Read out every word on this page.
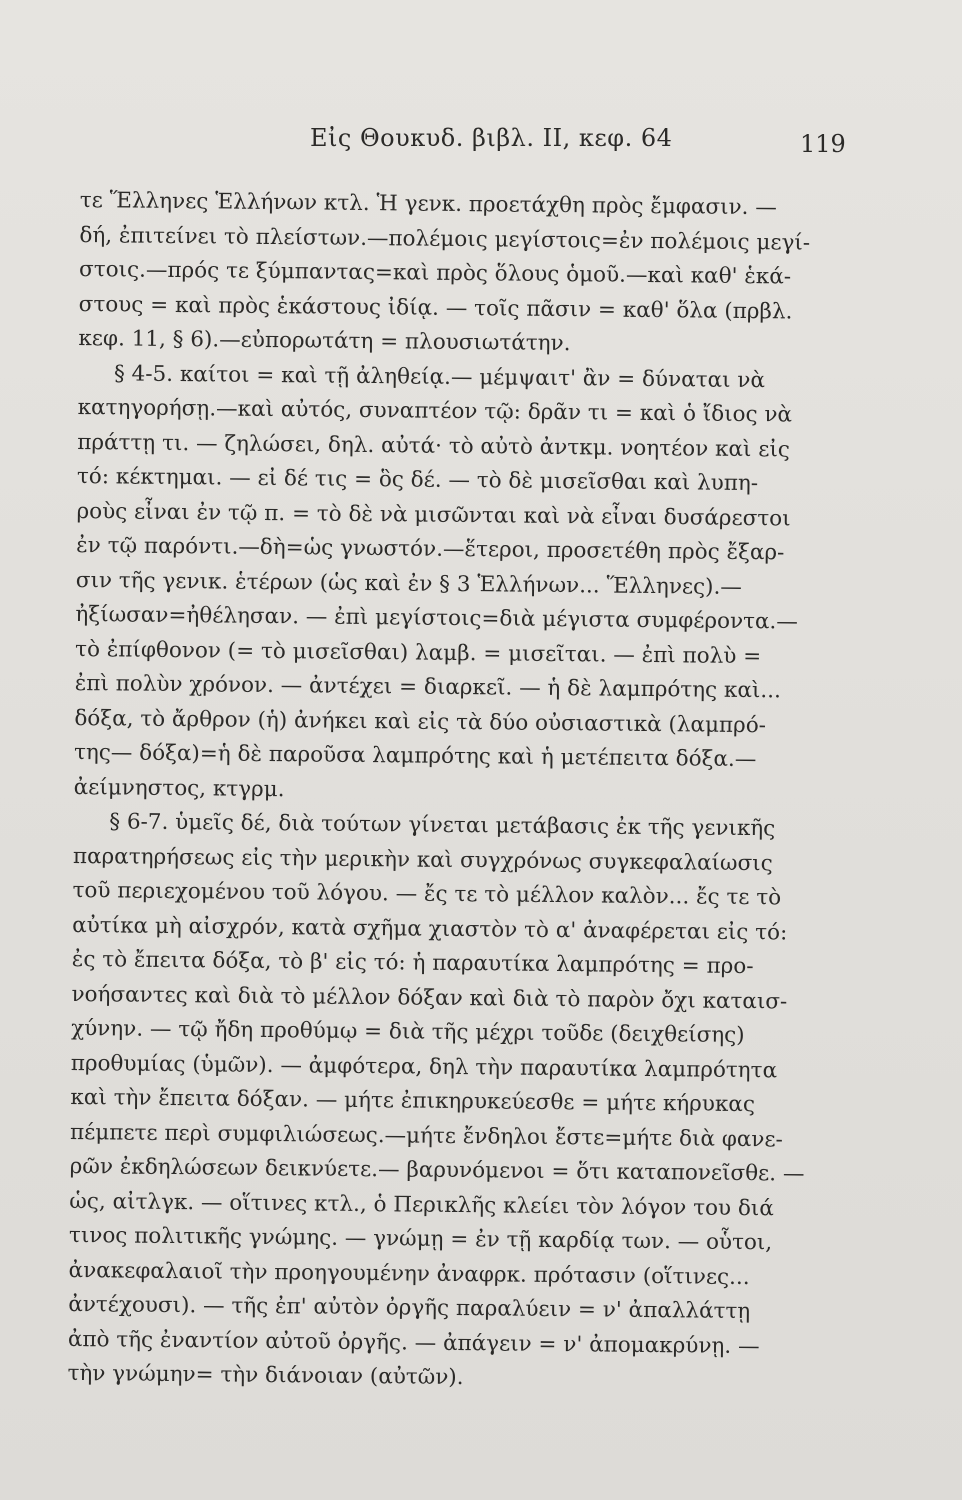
Εἰς Θουκυδ. βιβλ. II, κεφ. 64	119

τε Ἕλληνες Ἑλλήνων κτλ. Ἡ γενκ. προετάχθη πρὸς ἔμφασιν. —
δή, ἐπιτείνει τὸ πλείστων.—πολέμοις μεγίστοις=ἐν πολέμοις μεγί-
στοις.—πρός τε ξύμπαντας=καὶ πρὸς ὅλους ὁμοῦ.—καὶ καθ' ἑκά-
στους = καὶ πρὸς ἑκάστους ἰδίᾳ. — τοῖς πᾶσιν = καθ' ὅλα (πρβλ.
κεφ. 11, § 6).—εὐπορωτάτη = πλουσιωτάτην.

§ 4-5. καίτοι = καὶ τῇ ἀληθείᾳ.— μέμψαιτ' ἂν = δύναται νὰ
κατηγορήσῃ.—καὶ αὐτός, συναπτέον τῷ: δρᾶν τι = καὶ ὁ ἴδιος νὰ
πράττῃ τι. — ζηλώσει, δηλ. αὐτά· τὸ αὐτὸ ἀντκμ. νοητέον καὶ εἰς
τό: κέκτημαι. — εἰ δέ τις = ὃς δέ. — τὸ δὲ μισεῖσθαι καὶ λυπη-
ροὺς εἶναι ἐν τῷ π. = τὸ δὲ νὰ μισῶνται καὶ νὰ εἶναι δυσάρεστοι
ἐν τῷ παρόντι.—δὴ=ὡς γνωστόν.—ἕτεροι, προσετέθη πρὸς ἔξαρ-
σιν τῆς γενικ. ἑτέρων (ὡς καὶ ἐν § 3 Ἑλλήνων... Ἕλληνες).—
ἠξίωσαν=ἠθέλησαν. — ἐπὶ μεγίστοις=διὰ μέγιστα συμφέροντα.—
τὸ ἐπίφθονον (= τὸ μισεῖσθαι) λαμβ. = μισεῖται. — ἐπὶ πολὺ =
ἐπὶ πολὺν χρόνον. — ἀντέχει = διαρκεῖ. — ἡ δὲ λαμπρότης καὶ...
δόξα, τὸ ἄρθρον (ἡ) ἀνήκει καὶ εἰς τὰ δύο οὐσιαστικὰ (λαμπρό-
της— δόξα)=ἡ δὲ παροῦσα λαμπρότης καὶ ἡ μετέπειτα δόξα.—
ἀείμνηστος, κτγρμ.

§ 6-7. ὑμεῖς δέ, διὰ τούτων γίνεται μετάβασις ἐκ τῆς γενικῆς
παρατηρήσεως εἰς τὴν μερικὴν καὶ συγχρόνως συγκεφαλαίωσις
τοῦ περιεχομένου τοῦ λόγου. — ἔς τε τὸ μέλλον καλὸν... ἔς τε τὸ
αὐτίκα μὴ αἰσχρόν, κατὰ σχῆμα χιαστὸν τὸ α' ἀναφέρεται εἰς τό:
ἐς τὸ ἔπειτα δόξα, τὸ β' εἰς τό: ἡ παραυτίκα λαμπρότης = προ-
νοήσαντες καὶ διὰ τὸ μέλλον δόξαν καὶ διὰ τὸ παρὸν ὄχι καταισ-
χύνην. — τῷ ἤδη προθύμῳ = διὰ τῆς μέχρι τοῦδε (δειχθείσης)
προθυμίας (ὑμῶν). — ἀμφότερα, δηλ τὴν παραυτίκα λαμπρότητα
καὶ τὴν ἔπειτα δόξαν. — μήτε ἐπικηρυκεύεσθε = μήτε κήρυκας
πέμπετε περὶ συμφιλιώσεως.—μήτε ἔνδηλοι ἔστε=μήτε διὰ φανε-
ρῶν ἐκδηλώσεων δεικνύετε.— βαρυνόμενοι = ὅτι καταπονεῖσθε. —
ὡς, αἰτλγκ. — οἵτινες κτλ., ὁ Περικλῆς κλείει τὸν λόγον του διά
τινος πολιτικῆς γνώμης. — γνώμῃ = ἐν τῇ καρδίᾳ των. — οὗτοι,
ἀνακεφαλαιοῖ τὴν προηγουμένην ἀναφρκ. πρότασιν (οἵτινες...
ἀντέχουσι). — τῆς ἐπ' αὐτὸν ὀργῆς παραλύειν = ν' ἀπαλλάττῃ
ἀπὸ τῆς ἐναντίον αὐτοῦ ὀργῆς. — ἀπάγειν = ν' ἀπομακρύνῃ. —
τὴν γνώμην= τὴν διάνοιαν (αὐτῶν).
